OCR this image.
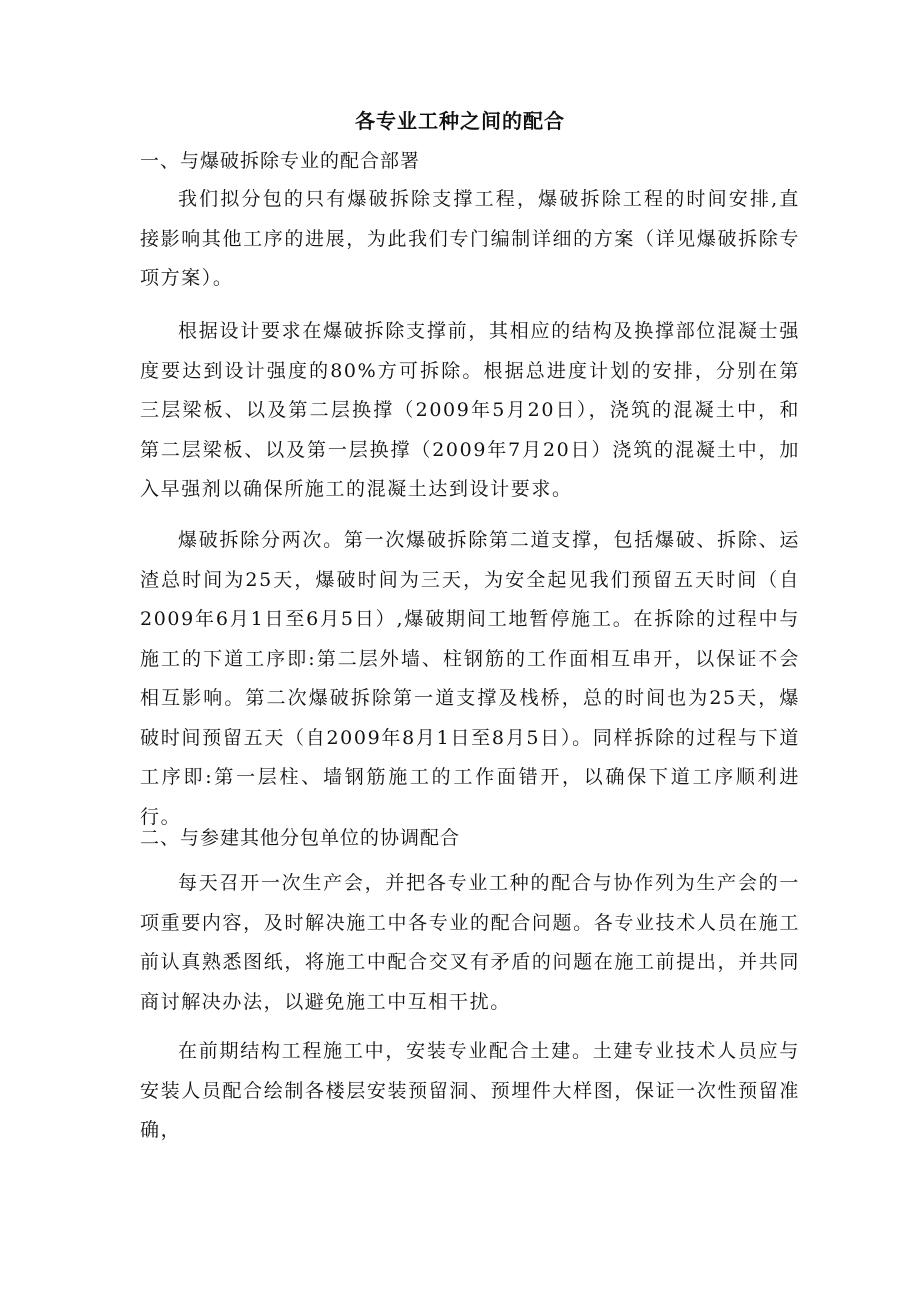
各专业工种之间的配合
一、与爆破拆除专业的配合部署

我们拟分包的只有爆破拆除支撑工程，爆破拆除工程的时间安排,直接影响其他工序的进展，为此我们专门编制详细的方案（详见爆破拆除专项方案）。

根据设计要求在爆破拆除支撑前，其相应的结构及换撑部位混凝士强度要达到设计强度的80%方可拆除。根据总进度计划的安排，分别在第三层梁板、以及第二层换撑（2009年5月20日），浇筑的混凝土中，和第二层梁板、以及第一层换撑（2009年7月20日）浇筑的混凝土中，加入早强剂以确保所施工的混凝土达到设计要求。

爆破拆除分两次。第一次爆破拆除第二道支撑，包括爆破、拆除、运渣总时间为25天，爆破时间为三天，为安全起见我们预留五天时间（自2009年6月1日至6月5日）,爆破期间工地暂停施工。在拆除的过程中与施工的下道工序即:第二层外墙、柱钢筋的工作面相互串开，以保证不会相互影响。第二次爆破拆除第一道支撑及栈桥，总的时间也为25天，爆破时间预留五天（自2009年8月1日至8月5日）。同样拆除的过程与下道工序即:第一层柱、墙钢筋施工的工作面错开，以确保下道工序顺利进行。

二、与参建其他分包单位的协调配合

每天召开一次生产会，并把各专业工种的配合与协作列为生产会的一项重要内容，及时解决施工中各专业的配合问题。各专业技术人员在施工前认真熟悉图纸，将施工中配合交叉有矛盾的问题在施工前提出，并共同商讨解决办法，以避免施工中互相干扰。

在前期结构工程施工中，安装专业配合土建。土建专业技术人员应与安装人员配合绘制各楼层安装预留洞、预埋件大样图，保证一次性预留准确，
